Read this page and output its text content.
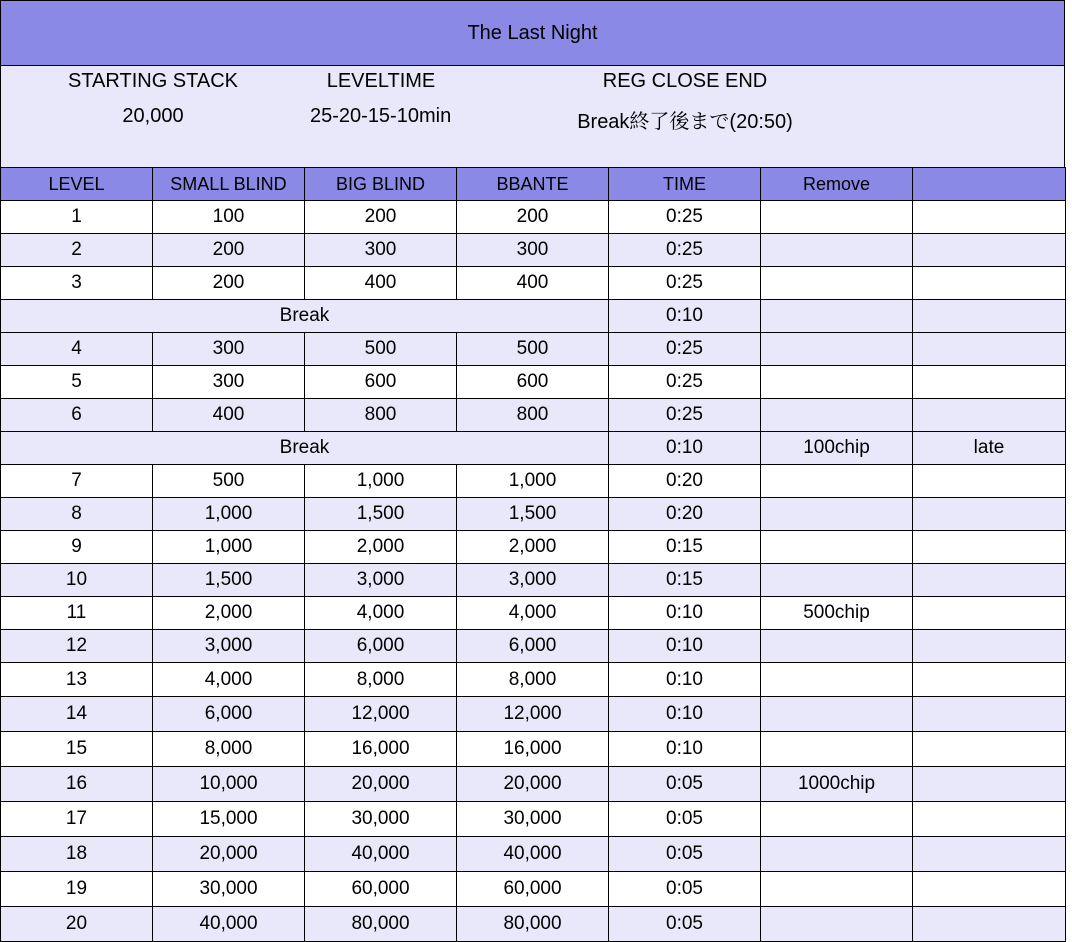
The Last Night
STARTING STACK
20,000
LEVELTIME
25-20-15-10min
REG CLOSE END
Break終了後まで(20:50)
LEVEL	SMALL BLIND	BIG BLIND	BBANTE	TIME	Remove	
1	100	200	200	0:25		
2	200	300	300	0:25		
3	200	400	400	0:25		
Break				0:10		
4	300	500	500	0:25		
5	300	600	600	0:25		
6	400	800	800	0:25		
Break				0:10	100chip	late
7	500	1,000	1,000	0:20		
8	1,000	1,500	1,500	0:20		
9	1,000	2,000	2,000	0:15		
10	1,500	3,000	3,000	0:15		
11	2,000	4,000	4,000	0:10	500chip	
12	3,000	6,000	6,000	0:10		
13	4,000	8,000	8,000	0:10		
14	6,000	12,000	12,000	0:10		
15	8,000	16,000	16,000	0:10		
16	10,000	20,000	20,000	0:05	1000chip	
17	15,000	30,000	30,000	0:05		
18	20,000	40,000	40,000	0:05		
19	30,000	60,000	60,000	0:05		
20	40,000	80,000	80,000	0:05		
